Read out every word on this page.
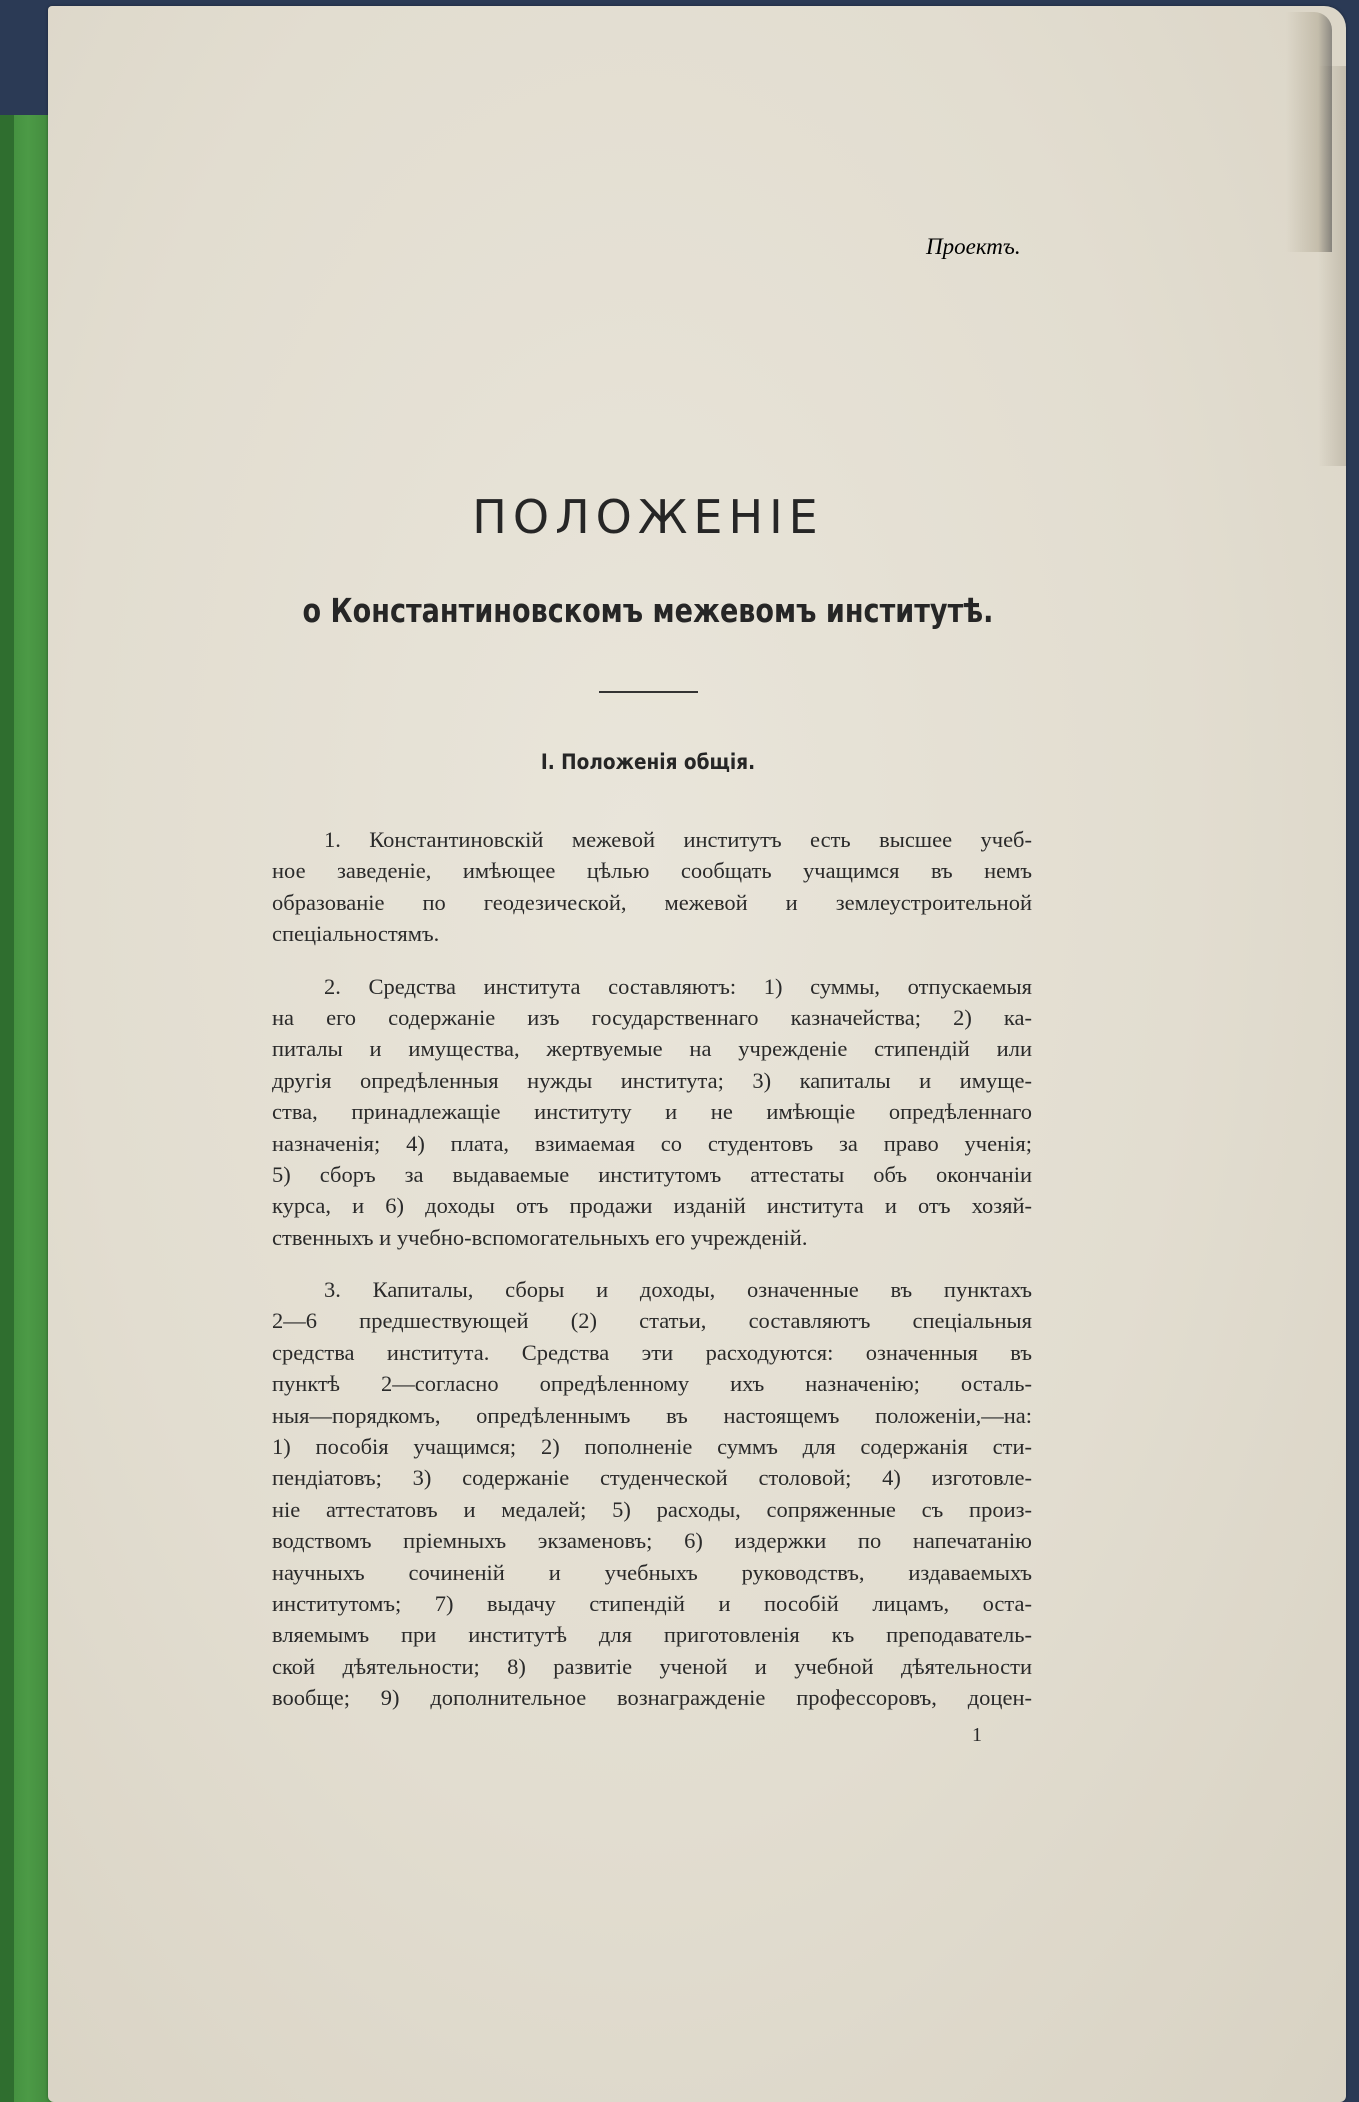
Проектъ.
ПОЛОЖЕНІЕ
о Константиновскомъ межевомъ институтѣ.
I. Положенія общія.
1. Константиновскій межевой институтъ есть высшее учеб-
ное заведеніе, имѣющее цѣлью сообщать учащимся въ немъ
образованіе по геодезической, межевой и землеустроительной
спеціальностямъ.
2. Средства института составляютъ: 1) суммы, отпускаемыя
на его содержаніе изъ государственнаго казначейства; 2) ка-
питалы и имущества, жертвуемые на учрежденіе стипендій или
другія опредѣленныя нужды института; 3) капиталы и имуще-
ства, принадлежащіе институту и не имѣющіе опредѣленнаго
назначенія; 4) плата, взимаемая со студентовъ за право ученія;
5) сборъ за выдаваемые институтомъ аттестаты объ окончаніи
курса, и 6) доходы отъ продажи изданій института и отъ хозяй-
ственныхъ и учебно-вспомогательныхъ его учрежденій.
3. Капиталы, сборы и доходы, означенные въ пунктахъ
2—6 предшествующей (2) статьи, составляютъ спеціальныя
средства института. Средства эти расходуются: означенныя въ
пунктѣ 2—согласно опредѣленному ихъ назначенію; осталь-
ныя—порядкомъ, опредѣленнымъ въ настоящемъ положеніи,—на:
1) пособія учащимся; 2) пополненіе суммъ для содержанія сти-
пендіатовъ; 3) содержаніе студенческой столовой; 4) изготовле-
ніе аттестатовъ и медалей; 5) расходы, сопряженные съ произ-
водствомъ пріемныхъ экзаменовъ; 6) издержки по напечатанію
научныхъ сочиненій и учебныхъ руководствъ, издаваемыхъ
институтомъ; 7) выдачу стипендій и пособій лицамъ, оста-
вляемымъ при институтѣ для приготовленія къ преподаватель-
ской дѣятельности; 8) развитіе ученой и учебной дѣятельности
вообще; 9) дополнительное вознагражденіе профессоровъ, доцен-
1
